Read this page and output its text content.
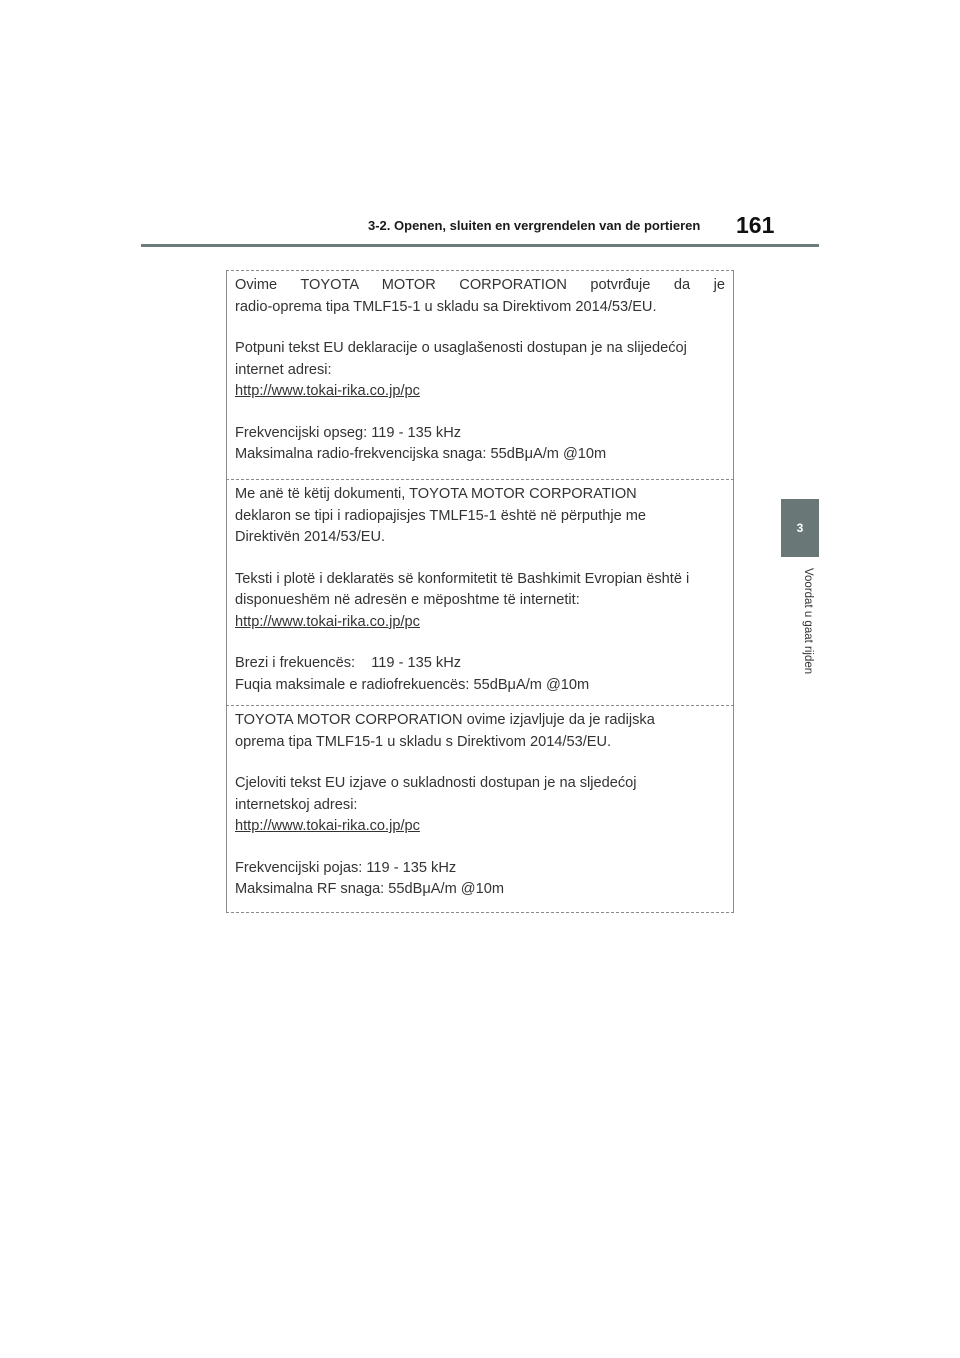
3-2. Openen, sluiten en vergrendelen van de portieren 161
3
Voordat u gaat rijden
Ovime TOYOTA MOTOR CORPORATION potvrđuje da je
radio-oprema tipa TMLF15-1 u skladu sa Direktivom 2014/53/EU.
Potpuni tekst EU deklaracije o usaglašenosti dostupan je na slijedećoj
internet adresi:
http://www.tokai-rika.co.jp/pc
Frekvencijski opseg: 119 - 135 kHz
Maksimalna radio-frekvencijska snaga: 55dBμA/m @10m
Me anë të këtij dokumenti, TOYOTA MOTOR CORPORATION
deklaron se tipi i radiopajisjes TMLF15-1 është në përputhje me
Direktivën 2014/53/EU.
Teksti i plotë i deklaratës së konformitetit të Bashkimit Evropian është i
disponueshëm në adresën e mëposhtme të internetit:
http://www.tokai-rika.co.jp/pc
Brezi i frekuencës:    119 - 135 kHz
Fuqia maksimale e radiofrekuencës: 55dBμA/m @10m
TOYOTA MOTOR CORPORATION ovime izjavljuje da je radijska
oprema tipa TMLF15-1 u skladu s Direktivom 2014/53/EU.
Cjeloviti tekst EU izjave o sukladnosti dostupan je na sljedećoj
internetskoj adresi:
http://www.tokai-rika.co.jp/pc
Frekvencijski pojas: 119 - 135 kHz
Maksimalna RF snaga: 55dBμA/m @10m
